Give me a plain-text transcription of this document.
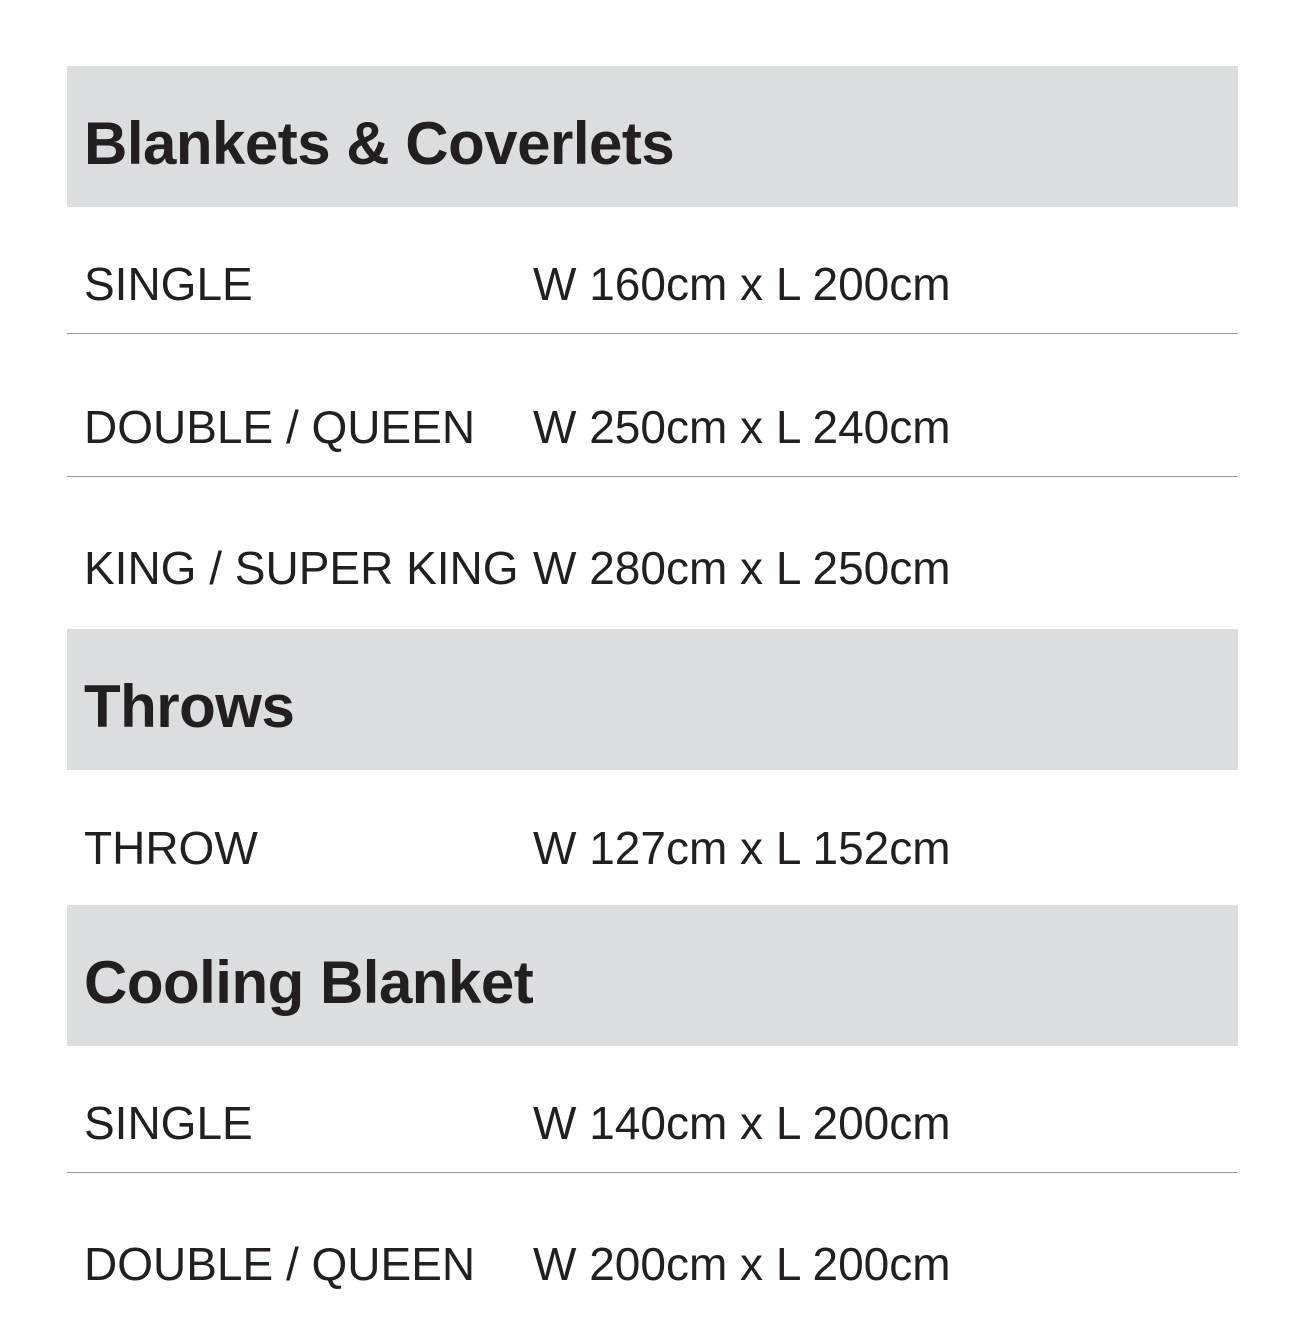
Blankets & Coverlets
SINGLE	W 160cm x L 200cm
DOUBLE / QUEEN W 250cm x L 240cm
KING / SUPER KING W 280cm x L 250cm
Throws
THROW	W 127cm x L 152cm
Cooling Blanket
SINGLE	W 140cm x L 200cm
DOUBLE / QUEEN W 200cm x L 200cm
